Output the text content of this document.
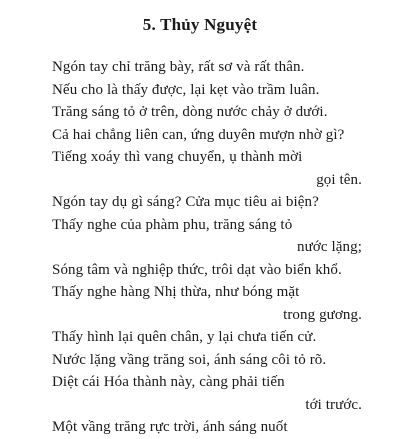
5. Thủy Nguyệt
Ngón tay chỉ trăng bày, rất sơ và rất thân.
Nếu cho là thấy được, lại kẹt vào trầm luân.
Trăng sáng tỏ ở trên, dòng nước chảy ở dưới.
Cả hai chẳng liên can, ứng duyên mượn nhờ gì?
Tiếng xoáy thì vang chuyển, ụ thành mời
gọi tên.
Ngón tay dụ gì sáng? Cửa mục tiêu ai biện?
Thấy nghe của phàm phu, trăng sáng tỏ
nước lặng;
Sóng tâm và nghiệp thức, trôi dạt vào biển khổ.
Thấy nghe hàng Nhị thừa, như bóng mặt
trong gương.
Thấy hình lại quên chân, y lại chưa tiến cử.
Nước lặng vầng trăng soi, ánh sáng côi tỏ rõ.
Diệt cái Hóa thành này, càng phải tiến
tới trước.
Một vầng trăng rực trời, ánh sáng nuốt
